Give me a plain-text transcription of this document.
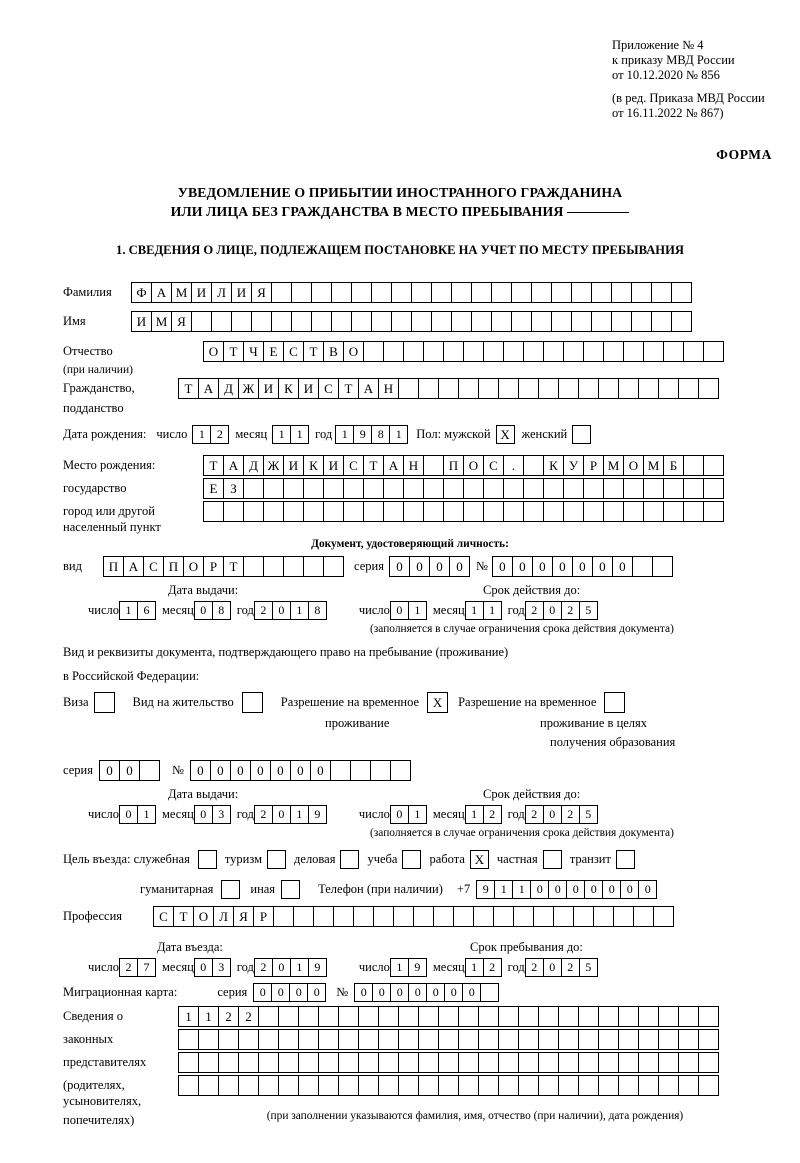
Приложение № 4
к приказу МВД России
от 10.12.2020 № 856
(в ред. Приказа МВД России
от 16.11.2022 № 867)
ФОРМА
УВЕДОМЛЕНИЕ О ПРИБЫТИИ ИНОСТРАННОГО ГРАЖДАНИНА
ИЛИ ЛИЦА БЕЗ ГРАЖДАНСТВА В МЕСТО ПРЕБЫВАНИЯ
1. СВЕДЕНИЯ О ЛИЦЕ, ПОДЛЕЖАЩЕМ ПОСТАНОВКЕ НА УЧЕТ ПО МЕСТУ ПРЕБЫВАНИЯ
Фамилия	Ф А М И Л И Я
Имя	И М Я
Отчество	О Т Ч Е С Т В О
(при наличии)
Гражданство,	Т А Д Ж И К И С Т А Н
подданство
Дата рождения: число 1	2	месяц 1	1	год 1	9	8	1	Пол: мужской X женский
Место рождения:	Т А Д Ж И К И С Т А Н	П О С	.	К У Р М О М Б
государство	Е З
город или другой
населенный пункт
Документ, удостоверяющий личность:
вид	П А С П О Р Т	серия 0	0	0	0	№ 0	0	0	0	0	0	0
Дата выдачи:	Срок действия до:
число 1	6	месяц 0	8	год 2	0	1	8	число 0	1	месяц 1	1	год 2	0	2	5
(заполняется в случае ограничения срока действия документа)
Вид и реквизиты документа, подтверждающего право на пребывание (проживание)
в Российской Федерации:
Виза	Вид на жительство	Разрешение на временное	X	Разрешение на временное
проживание	проживание в целях
получения образования
серия	0	0	№	0	0	0	0	0	0	0
Дата выдачи:	Срок действия до:
число 0	1	месяц 0	3	год 2	0	1	9	число 0	1	месяц 1	2	год 2	0	2	5
(заполняется в случае ограничения срока действия документа)
Цель въезда: служебная	туризм	деловая	учеба	работа X	частная	транзит
гуманитарная	иная	Телефон (при наличии) +7	9	1	1	0	0	0	0	0	0	0
Профессия	С Т О Л Я Р
Дата въезда:	Срок пребывания до:
число 2	7	месяц 0	3	год 2	0	1	9	число 1	9	месяц 1	2	год 2	0	2	5
Миграционная карта:	серия	0	0	0	0	№	0	0	0	0	0	0	0
Сведения о	1	1	2	2
законных
представителях
(родителях,
усыновителях,
попечителях)	(при заполнении указываются фамилия, имя, отчество (при наличии), дата рождения)
